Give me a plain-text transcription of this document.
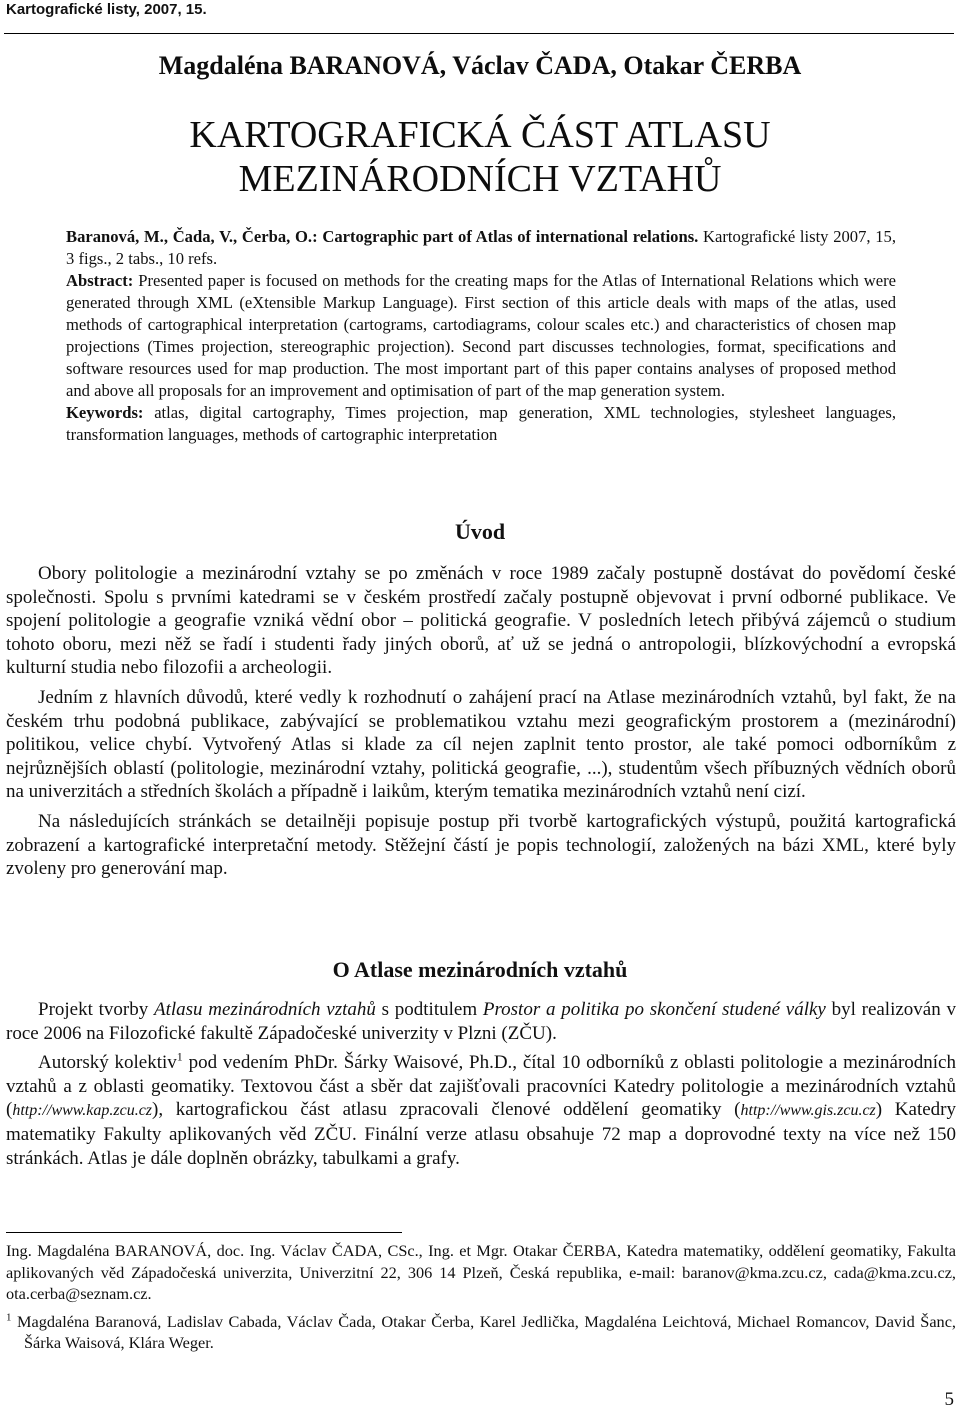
Kartografické listy, 2007, 15.
Magdaléna BARANOVÁ, Václav ČADA, Otakar ČERBA
KARTOGRAFICKÁ ČÁST ATLASU
MEZINÁRODNÍCH VZTAHŮ

Baranová, M., Čada, V., Čerba, O.: Cartographic part of Atlas of international relations. Kartografické listy 2007, 15, 3 figs., 2 tabs., 10 refs.

Abstract: Presented paper is focused on methods for the creating maps for the Atlas of International Relations which were generated through XML (eXtensible Markup Language). First section of this article deals with maps of the atlas, used methods of cartographical interpretation (cartograms, cartodiagrams, colour scales etc.) and characteristics of chosen map projections (Times projection, stereographic projection). Second part discusses technologies, format, specifications and software resources used for map production. The most important part of this paper contains analyses of proposed method and above all proposals for an improvement and optimisation of part of the map generation system.

Keywords: atlas, digital cartography, Times projection, map generation, XML technologies, stylesheet languages, transformation languages, methods of cartographic interpretation

Úvod

Obory politologie a mezinárodní vztahy se po změnách v roce 1989 začaly postupně dostávat do povědomí české společnosti. Spolu s prvními katedrami se v českém prostředí začaly postupně objevovat i první odborné publikace. Ve spojení politologie a geografie vzniká vědní obor – politická geografie. V posledních letech přibývá zájemců o studium tohoto oboru, mezi něž se řadí i studenti řady jiných oborů, ať už se jedná o antropologii, blízkovýchodní a evropská kulturní studia nebo filozofii a archeologii.

Jedním z hlavních důvodů, které vedly k rozhodnutí o zahájení prací na Atlase mezinárodních vztahů, byl fakt, že na českém trhu podobná publikace, zabývající se problematikou vztahu mezi geografickým prostorem a (mezinárodní) politikou, velice chybí. Vytvořený Atlas si klade za cíl nejen zaplnit tento prostor, ale také pomoci odborníkům z nejrůznějších oblastí (politologie, mezinárodní vztahy, politická geografie, ...), studentům všech příbuzných vědních oborů na univerzitách a středních školách a případně i laikům, kterým tematika mezinárodních vztahů není cizí.

Na následujících stránkách se detailněji popisuje postup při tvorbě kartografických výstupů, použitá kartografická zobrazení a kartografické interpretační metody. Stěžejní částí je popis technologií, založených na bázi XML, které byly zvoleny pro generování map.

O Atlase mezinárodních vztahů

Projekt tvorby Atlasu mezinárodních vztahů s podtitulem Prostor a politika po skončení studené války byl realizován v roce 2006 na Filozofické fakultě Západočeské univerzity v Plzni (ZČU).

Autorský kolektiv$^1$ pod vedením PhDr. Šárky Waisové, Ph.D., čítal 10 odborníků z oblasti politologie a mezinárodních vztahů a z oblasti geomatiky. Textovou část a sběr dat zajišťovali pracovníci Katedry politologie a mezinárodních vztahů (http://www.kap.zcu.cz), kartografickou část atlasu zpracovali členové oddělení geomatiky (http://www.gis.zcu.cz) Katedry matematiky Fakulty aplikovaných věd ZČU. Finální verze atlasu obsahuje 72 map a doprovodné texty na více než 150 stránkách. Atlas je dále doplněn obrázky, tabulkami a grafy.

Ing. Magdaléna BARANOVÁ, doc. Ing. Václav ČADA, CSc., Ing. et Mgr. Otakar ČERBA, Katedra matematiky, oddělení geomatiky, Fakulta aplikovaných věd Západočeská univerzita, Univerzitní 22, 306 14 Plzeň, Česká republika, e-mail: baranov@kma.zcu.cz, cada@kma.zcu.cz, ota.cerba@seznam.cz.

$^1$ Magdaléna Baranová, Ladislav Cabada, Václav Čada, Otakar Čerba, Karel Jedlička, Magdaléna Leichtová, Michael Romancov, David Šanc, Šárka Waisová, Klára Weger.

5
